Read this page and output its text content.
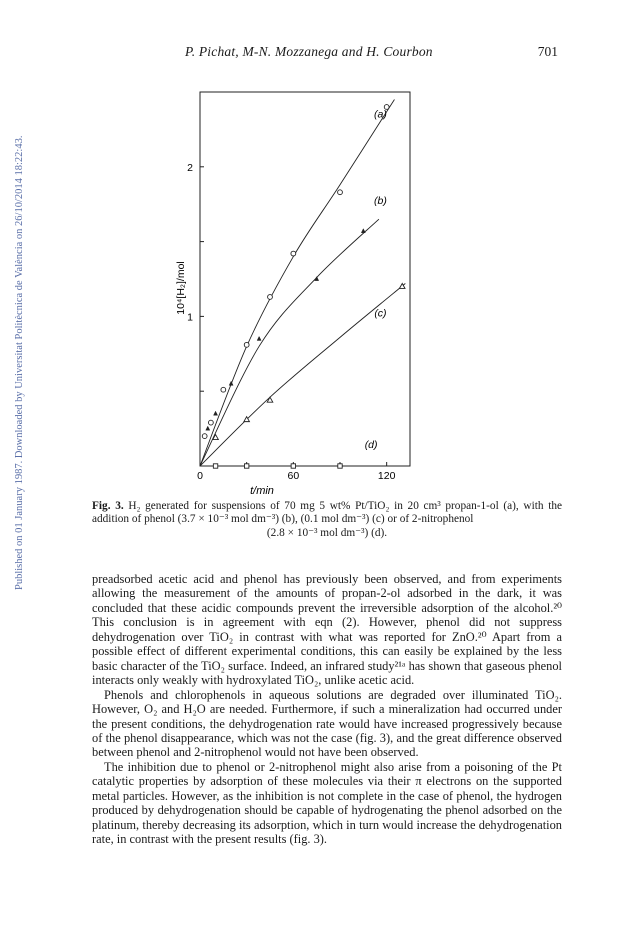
Published on 01 January 1987. Downloaded by Universitat Politècnica de València on 26/10/2014 18:22:43.
P. Pichat, M-N. Mozzanega and H. Courbon	701
0	60	120
1
2
(a)
(b)
(c)
(d)
t/min
10⁴[H₂]/mol
Fig. 3. H₂ generated for suspensions of 70 mg 5 wt% Pt/TiO₂ in 20 cm³ propan-1-ol (a), with the addition of phenol (3.7 × 10⁻³ mol dm⁻³) (b), (0.1 mol dm⁻³) (c) or of 2-nitrophenol
(2.8 × 10⁻³ mol dm⁻³) (d).

preadsorbed acetic acid and phenol has previously been observed, and from experiments allowing the measurement of the amounts of propan-2-ol adsorbed in the dark, it was concluded that these acidic compounds prevent the irreversible adsorption of the alcohol.²⁰ This conclusion is in agreement with eqn (2). However, phenol did not suppress dehydrogenation over TiO₂ in contrast with what was reported for ZnO.²⁰ Apart from a possible effect of different experimental conditions, this can easily be explained by the less basic character of the TiO₂ surface. Indeed, an infrared study²¹ᵃ has shown that gaseous phenol interacts only weakly with hydroxylated TiO₂, unlike acetic acid.

Phenols and chlorophenols in aqueous solutions are degraded over illuminated TiO₂. However, O₂ and H₂O are needed. Furthermore, if such a mineralization had occurred under the present conditions, the dehydrogenation rate would have increased progressively because of the phenol disappearance, which was not the case (fig. 3), and the great difference observed between phenol and 2-nitrophenol would not have been observed.

The inhibition due to phenol or 2-nitrophenol might also arise from a poisoning of the Pt catalytic properties by adsorption of these molecules via their π electrons on the supported metal particles. However, as the inhibition is not complete in the case of phenol, the hydrogen produced by dehydrogenation should be capable of hydrogenating the phenol adsorbed on the platinum, thereby decreasing its adsorption, which in turn would increase the dehydrogenation rate, in contrast with the present results (fig. 3).
